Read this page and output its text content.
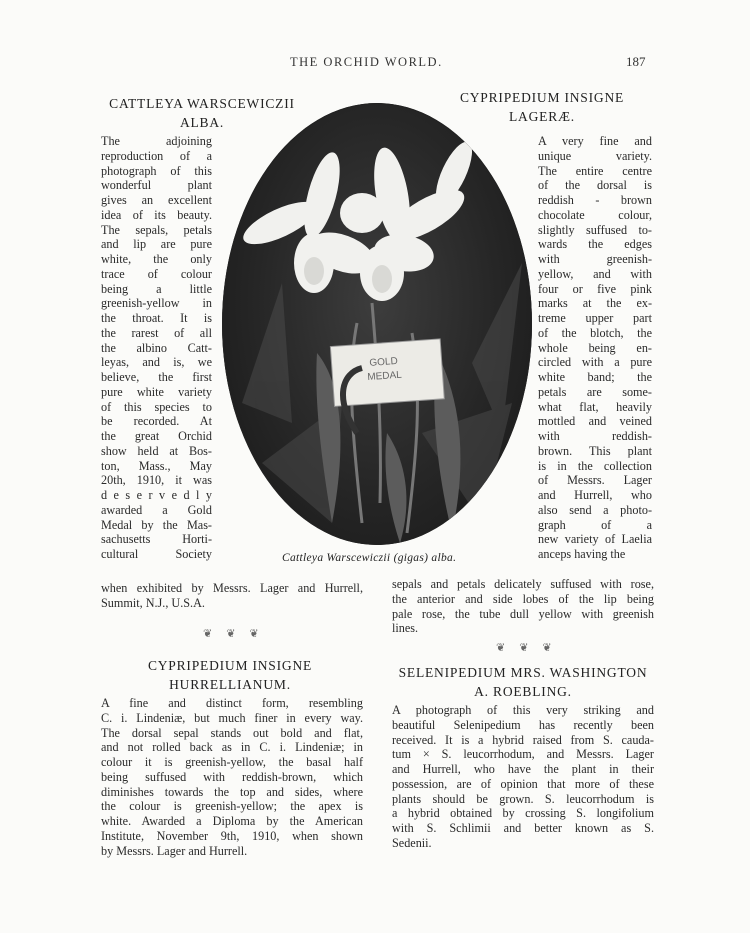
THE ORCHID WORLD.	187
CATTLEYA WARSCEWICZII
ALBA.
The adjoining
reproduction of a
photograph of this
wonderful plant
gives an excellent
idea of its beauty.
The sepals, petals
and lip are pure
white, the only
trace of colour
being a little
greenish-yellow in
the throat. It is
the rarest of all
the albino Catt-
leyas, and is, we
believe, the first
pure white variety
of this species to
be recorded. At
the great Orchid
show held at Bos-
ton, Mass., May
20th, 1910, it was
d e s e r v e d l y
awarded a Gold
Medal by the Mas-
sachusetts Horti-
cultural Society
when exhibited by Messrs. Lager and Hurrell,
Summit, N.J., U.S.A.
CYPRIPEDIUM INSIGNE
LAGERÆ.
A very fine and
unique variety.
The entire centre
of the dorsal is
reddish - brown
chocolate colour,
slightly suffused to-
wards the edges
with greenish-
yellow, and with
four or five pink
marks at the ex-
treme upper part
of the blotch, the
whole being en-
circled with a pure
white band; the
petals are some-
what flat, heavily
mottled and veined
with reddish-
brown. This plant
is in the collection
of Messrs. Lager
and Hurrell, who
also send a photo-
graph of a
new variety of Laelia
anceps having the
sepals and petals delicately suffused with rose,
the anterior and side lobes of the lip being
pale rose, the tube dull yellow with greenish
lines.
GOLD
MEDAL
Cattleya Warscewiczii (gigas) alba.
❦❦❦
❦❦❦
CYPRIPEDIUM INSIGNE
HURRELLIANUM.
A fine and distinct form, resembling
C. i. Lindeniæ, but much finer in every way.
The dorsal sepal stands out bold and flat,
and not rolled back as in C. i. Lindeniæ; in
colour it is greenish-yellow, the basal half
being suffused with reddish-brown, which
diminishes towards the top and sides, where
the colour is greenish-yellow; the apex is
white. Awarded a Diploma by the American
Institute, November 9th, 1910, when shown
by Messrs. Lager and Hurrell.
SELENIPEDIUM MRS. WASHINGTON
A. ROEBLING.
A photograph of this very striking and
beautiful Selenipedium has recently been
received. It is a hybrid raised from S. cauda-
tum × S. leucorrhodum, and Messrs. Lager
and Hurrell, who have the plant in their
possession, are of opinion that more of these
plants should be grown. S. leucorrhodum is
a hybrid obtained by crossing S. longifolium
with S. Schlimii and better known as S.
Sedenii.
